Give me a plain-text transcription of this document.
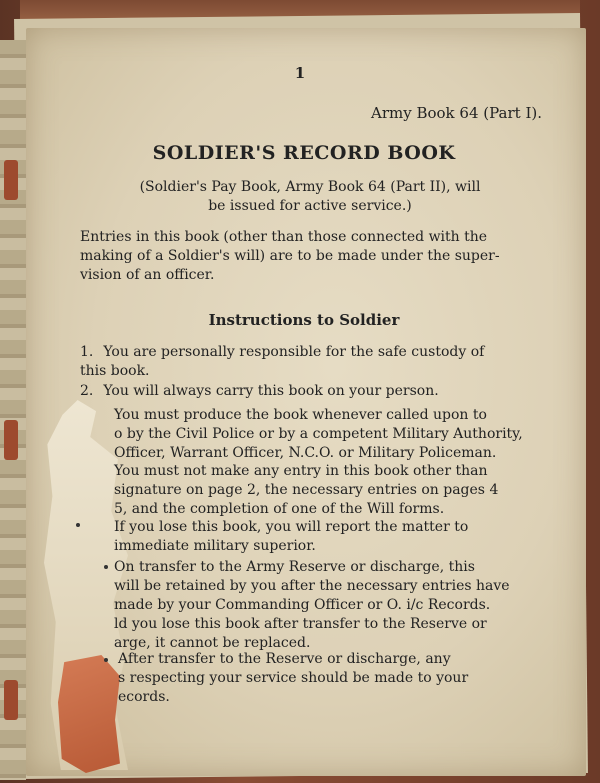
1
Army Book 64 (Part I).
SOLDIER'S RECORD BOOK
(Soldier's Pay Book, Army Book 64 (Part II), will
be issued for active service.)
Entries in this book (other than those connected with the
making of a Soldier's will) are to be made under the super-
vision of an officer.
Instructions to Soldier
1. You are personally responsible for the safe custody of
this book.
2. You will always carry this book on your person.
You must produce the book whenever called upon to
o by the Civil Police or by a competent Military Authority,
Officer, Warrant Officer, N.C.O. or Military Policeman.
You must not make any entry in this book other than
signature on page 2, the necessary entries on pages 4
5, and the completion of one of the Will forms.
If you lose this book, you will report the matter to
immediate military superior.
On transfer to the Army Reserve or discharge, this
will be retained by you after the necessary entries have
made by your Commanding Officer or O. i/c Records.
ld you lose this book after transfer to the Reserve or
arge, it cannot be replaced.
After transfer to the Reserve or discharge, any
s respecting your service should be made to your
ecords.
